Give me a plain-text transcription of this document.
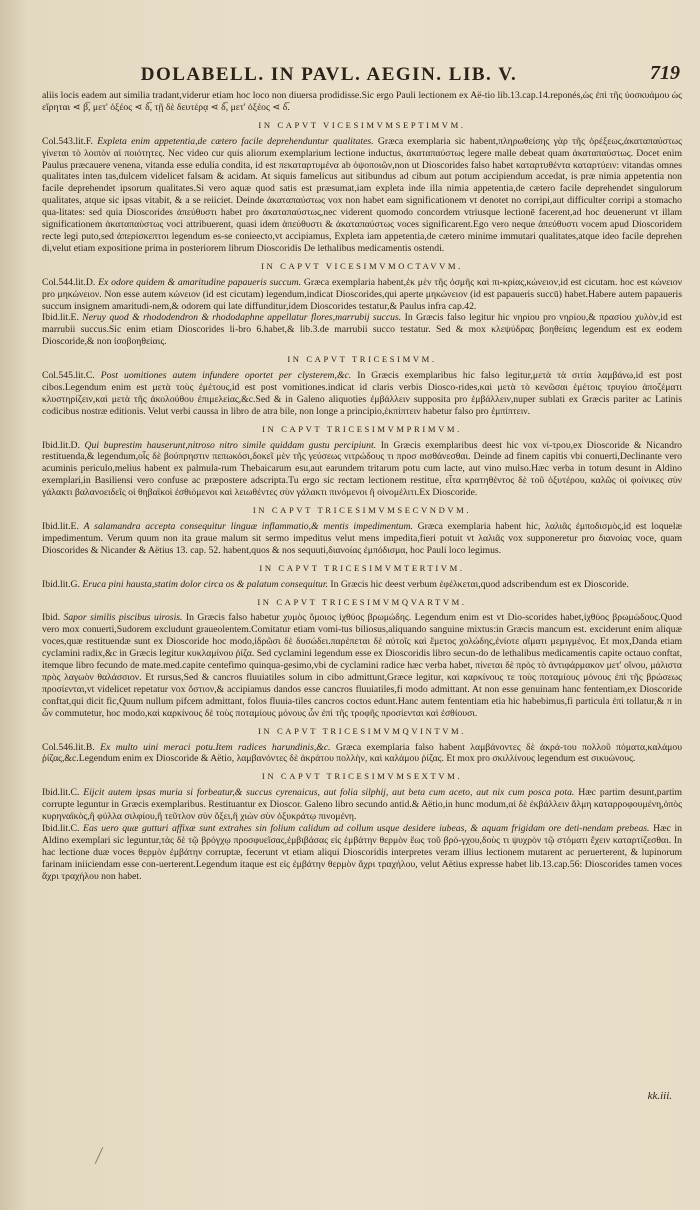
DOLABELL. IN PAVL. AEGIN. LIB. V.	719

aliis locis eadem aut similia tradant,viderur etiam hoc loco non diuersa prodidisse.Sic ergo Pauli lectionem ex Aë-tio lib.13.cap.14.reponés,ὡς ἐπὶ τῆς ὑοσκυάμου ὡς εἴρηται ⋖ β̅, μετ' ὀξέος ⋖ δ̅, τῇ δὲ δευτέρᾳ ⋖ δ̅, μετ' ὀξέος ⋖ δ̅.

IN CAPVT VICESIMVMSEPTIMVM.

Col.543.lit.F. Expleta enim appetentia,de cætero facile deprehenduntur qualitates. Græca exemplaria sic habent,πληρωθείσης γὰρ τῆς ὀρέξεως,ἀκαταπαύστως γίνεται τὸ λοιπὸν αἱ ποιότητες. Nec video cur quis aliorum exemplarium lectione inductus, ἀκαταπαύστως legere malle debeat quam ἀκαταπαύστως. Docet enim Paulus præcauere venena, vitanda esse edulia condita, id est πεκαταρτυμένα ab ὀψοποιῶν,non ut Dioscorides falso habet καταρτυθέντα καταρτύειν: vitandas omnes qualitates inten tas,dulcem videlicet falsam & acidam. At siquis famelicus aut sitibundus ad cibum aut potum accipiendum accedat, is præ nimia appetentia non facile deprehendet ipsorum qualitates.Si vero aquæ quod satis est præsumat,iam expleta inde illa nimia appetentia,de cætero facile deprehendet singulorum qualitates, atque sic ipsas vitabit, & a se reiiciet. Deinde ἀκαταπαύστως vox non habet eam significationem vt denotet no corripi,aut difficulter corripi a stomacho qua-litates: sed quia Dioscorides ἀπεύθυστι habet pro ἀκαταπαύστως,nec viderent quomodo concordem vtriusque lectionē facerent,ad hoc deuenerunt vt illam significationem ἀκαταπαύστως voci attribuerent, quasi idem ἀπεύθυστι & ἀκαταπαύστως voces significarent.Ego vero neque ἀπεύθυστι vocem apud Dioscoridem recte legi puto,sed ἀπερίσκεπτοι legendum es-se conieecto,vt accipiamus, Expleta iam appetentia,de cætero minime immutari qualitates,atque ideo facile deprehen di,velut etiam expositione prima in posteriorem librum Dioscoridis De lethalibus medicamentis ostendi.

IN CAPVT VICESIMVMOCTAVVM.

Col.544.lit.D. Ex odore quidem & amaritudine papaueris succum. Græca exemplaria habent,ἐκ μὲν τῆς ὀσμῆς καὶ πι-κρίας,κώνειον,id est cicutam. hoc est κώνειον pro μηκώνειον. Non esse autem κώνειον (id est cicutam) legendum,indicat Dioscorides,qui aperte μηκώνειον (id est papaueris succū) habet.Habere autem papaueris succum insignem amaritudi-nem,& odorem qui late diffunditur,idem Dioscorides testatur,& Paulus infra cap.42.

Ibid.lit.E. Neruy quod & rhododendron & rhododaphne appellatur flores,marrubij succus. In Græcis falso legitur hic νηρίου pro νηρίου,& πρασίου χυλὸν,id est marrubii succus.Sic enim etiam Dioscorides li-bro 6.habet,& lib.3.de marrubii succo testatur. Sed & mox κλεψύδρας βοηθείαις legendum est ex eodem Dioscoride,& non ἰσοβοηθείαις.

IN CAPVT TRICESIMVM.

Col.545.lit.C. Post uomitiones autem infundere oportet per clysterem,&c. In Græcis exemplaribus hic falso legitur,μετὰ τὰ σιτία λαμβάνω,id est post cibos.Legendum enim est μετὰ τοὺς ἐμέτους,id est post vomitiones.indicat id claris verbis Diosco-rides,καὶ μετὰ τὸ κενῶσαι ἐμέτοις τρυγίου ἀποζέματι κλυστηρίζειν,καὶ μετὰ τῆς ἀκολούθου ἐπιμελείας,&c.Sed & in Galeno aliquoties ἐμβάλλειν supposita pro ἐμβάλλειν,nuper sublati ex Græcis pariter ac Latinis codicibus nostræ editionis. Velut verbi caussa in libro de atra bile, non longe a principio,ἐκπίπτειν habetur falso pro ἐμπίπτειν.

IN CAPVT TRICESIMVMPRIMVM.

Ibid.lit.D. Qui buprestim hauserunt,nitroso nitro simile quiddam gustu percipiunt. In Græcis exemplaribus deest hic vox νί-τρου,ex Dioscoride & Nicandro restituenda,& legendum,οἷς δὲ βούπρηστιν πεπωκόσι,δοκεῖ μὲν τῆς γεύσεως νιτρώδους τι προσ αισθάνεσθαι. Deinde ad finem capitis vbi conuerti,Declinante vero acuminis periculo,melius habent ex palmula-rum Thebaicarum esu,aut earundem tritarum potu cum lacte, aut vino mulso.Hæc verba in totum desunt in Aldino exemplari,in Basiliensi vero confuse ac præpostere adscripta.Tu ergo sic rectam lectionem restitue, εἶτα κρατηθέντος δὲ τοῦ ὀξυτέρου, καλῶς οἱ φοίνικες σὺν γάλακτι βαλανοειδεῖς οἱ θηβαϊκοὶ ἐσθιόμενοι καὶ λειωθέντες σὺν γάλακτι πινόμενοι ἢ οἰνομέλιτι.Ex Dioscoride.

IN CAPVT TRICESIMVMSECVNDVM.

Ibid.lit.E. A salamandra accepta consequitur linguæ inflammatio,& mentis impedimentum. Græca exemplaria habent hic, λαλιᾶς ἐμποδισμὸς,id est loquelæ impedimentum. Verum quum non ita graue malum sit sermo impeditus velut mens impedita,fieri potuit vt λαλιᾶς vox supponeretur pro διανοίας voce, quam Dioscorides & Nicander & Aëtius 13. cap. 52. habent,quos & nos sequuti,διανοίας ἐμπόδισμα, hoc Pauli loco legimus.

IN CAPVT TRICESIMVMTERTIVM.

Ibid.lit.G. Eruca pini hausta,statim dolor circa os & palatum consequitur. In Græcis hic deest verbum ἐφέλκεται,quod adscribendum est ex Dioscoride.

IN CAPVT TRICESIMVMQVARTVM.

Ibid. Sapor similis piscibus uirosis. In Græcis falso habetur χυμὸς ὅμοιος ἰχθύος βρωμώδης. Legendum enim est vt Dio-scorides habet,ἰχθύος βρωμώδους.Quod vero mox conuerti,Sudorem excludunt graueolentem.Comitatur etiam vomi-tus biliosus,aliquando sanguine mixtus:in Græcis mancum est. exciderunt enim aliquæ voces,quæ restituendæ sunt ex Dioscoride hoc modo,ἱδρῶσι δὲ δυσώδει.παρέπεται δὲ αὐτοῖς καὶ ἔμετος χολώδης,ἐνίοτε αἵματι μεμιγμένος. Et mox,Danda etiam cyclamini radix,&c in Græcis legitur κυκλαμίνου ῥίζα. Sed cyclamini legendum esse ex Dioscoridis libro secun-do de lethalibus medicamentis capite octauo conftat, itemque libro fecundo de mate.med.capite centefimo quinqua-gesimo,vbi de cyclamini radice hæc verba habet, πίνεται δὲ πρὸς τὸ ἀντιφάρμακον μετ' οἴνου, μάλιστα πρὸς λαγωὸν θαλάσσιον. Et rursus,Sed & cancros fluuiatiles solum in cibo admittunt,Græce legitur, καὶ καρκίνους τε τοὺς ποταμίους μόνους ἐπὶ τῆς βρώσεως προσίενται,vt videlicet repetatur vox ὄστιον,& accipiamus dandos esse cancros fluuiatiles,fi modo admittant. At non esse genuinam hanc fententiam,ex Dioscoride conftat,qui dicit fic,Quum nullum pifcem admittant, folos fluuia-tiles cancros coctos edunt.Hanc autem fententiam etia hic habebimus,fi particula ἐπὶ tollatur,& π in ὧν commutetur, hoc modo,καὶ καρκίνους δὲ τοὺς ποταμίους μόνους ὧν ἐπὶ τῆς τροφῆς προσίενται καὶ ἐσθίουσι.

IN CAPVT TRICESIMVMQVINTVM.

Col.546.lit.B. Ex multo uini meraci potu.Item radices harundinis,&c. Græca exemplaria falso habent λαμβάνοντες δὲ ἀκρά-του πολλοῦ πόματα,καλάμου ῥίζας,&c.Legendum enim ex Dioscoride & Aëtio, λαμβανόντες δὲ ἀκράτου πολλὴν, καὶ καλάμου ῥίζας. Et mox pro σκιλλίνους legendum est σικυώνους.

IN CAPVT TRICESIMVMSEXTVM.

Ibid.lit.C. Eijcit autem ipsas muria si forbeatur,& succus cyrenaicus, aut folia silphij, aut beta cum aceto, aut nix cum posca pota. Hæc partim desunt,partim corrupte leguntur in Græcis exemplaribus. Restituantur ex Dioscor. Galeno libro secundo antid.& Aëtio,in hunc modum,αἱ δὲ ἐκβάλλειν ἅλμη καταρροφουμένη,ὀπὸς κυρηναϊκὸς,ἢ φύλλα σιλφίου,ἢ τεῦτλον σὺν ὄξει,ἢ χιὼν σὺν ὀξυκράτῳ πινομένη.

Ibid.lit.C. Eas uero quæ gutturi affixæ sunt extrahes sin folium calidum ad collum usque desidere iubeas, & aquam frigidam ore deti-nendam prebeas. Hæc in Aldino exemplari sic leguntur,τὰς δὲ τῷ βρόγχῳ προσφυεῖσας,ἐμβιβάσας εἰς ἐμβάτην θερμὸν ἕως τοῦ βρό-γχου,δοὺς τι ψυχρὸν τῷ στόματι ἔχειν καταρτίζεσθαι. In hac lectione duæ voces θερμὸν ἐμβάτην corruptæ, fecerunt vt etiam aliqui Dioscoridis interpretes veram illius lectionem mutarent ac peruerterent, & lupinorum farinam iniiciendam esse con-uerterent.Legendum itaque est εἰς ἐμβάτην θερμὸν ἄχρι τραχήλου, velut Aëtius expresse habet lib.13.cap.56: Dioscorides tamen voces ἄχρι τραχήλου non habet.

kk.iii.
